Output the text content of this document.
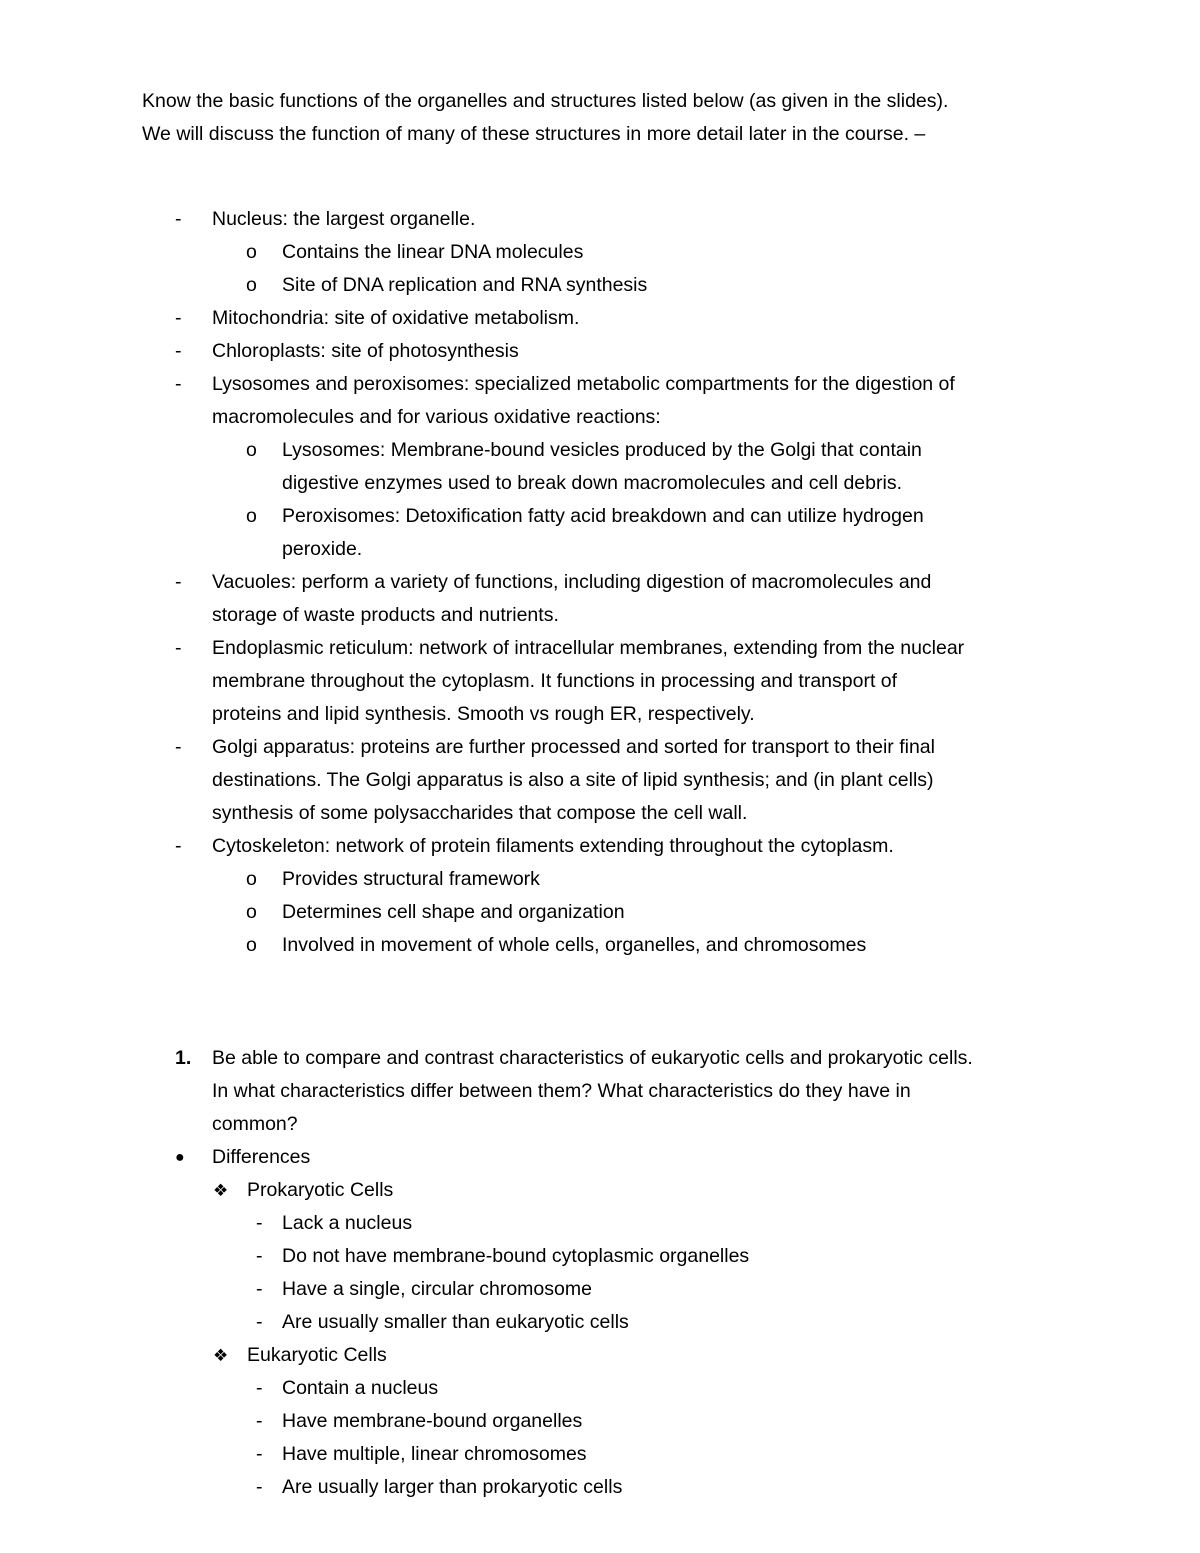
Know the basic functions of the organelles and structures listed below (as given in the slides).
We will discuss the function of many of these structures in more detail later in the course. –
-	Nucleus: the largest organelle.
o	Contains the linear DNA molecules
o	Site of DNA replication and RNA synthesis
-	Mitochondria: site of oxidative metabolism.
-	Chloroplasts: site of photosynthesis
-	Lysosomes and peroxisomes: specialized metabolic compartments for the digestion of
macromolecules and for various oxidative reactions:
o	Lysosomes: Membrane-bound vesicles produced by the Golgi that contain
digestive enzymes used to break down macromolecules and cell debris.
o	Peroxisomes: Detoxification fatty acid breakdown and can utilize hydrogen
peroxide.
-	Vacuoles: perform a variety of functions, including digestion of macromolecules and
storage of waste products and nutrients.
-	Endoplasmic reticulum: network of intracellular membranes, extending from the nuclear
membrane throughout the cytoplasm. It functions in processing and transport of
proteins and lipid synthesis. Smooth vs rough ER, respectively.
-	Golgi apparatus: proteins are further processed and sorted for transport to their final
destinations. The Golgi apparatus is also a site of lipid synthesis; and (in plant cells)
synthesis of some polysaccharides that compose the cell wall.
-	Cytoskeleton: network of protein filaments extending throughout the cytoplasm.
o	Provides structural framework
o	Determines cell shape and organization
o	Involved in movement of whole cells, organelles, and chromosomes
1.	Be able to compare and contrast characteristics of eukaryotic cells and prokaryotic cells.
In what characteristics differ between them? What characteristics do they have in
common?
●	Differences
❖ Prokaryotic Cells
-	Lack a nucleus
-	Do not have membrane-bound cytoplasmic organelles
-	Have a single, circular chromosome
-	Are usually smaller than eukaryotic cells
❖ Eukaryotic Cells
-	Contain a nucleus
-	Have membrane-bound organelles
-	Have multiple, linear chromosomes
-	Are usually larger than prokaryotic cells
